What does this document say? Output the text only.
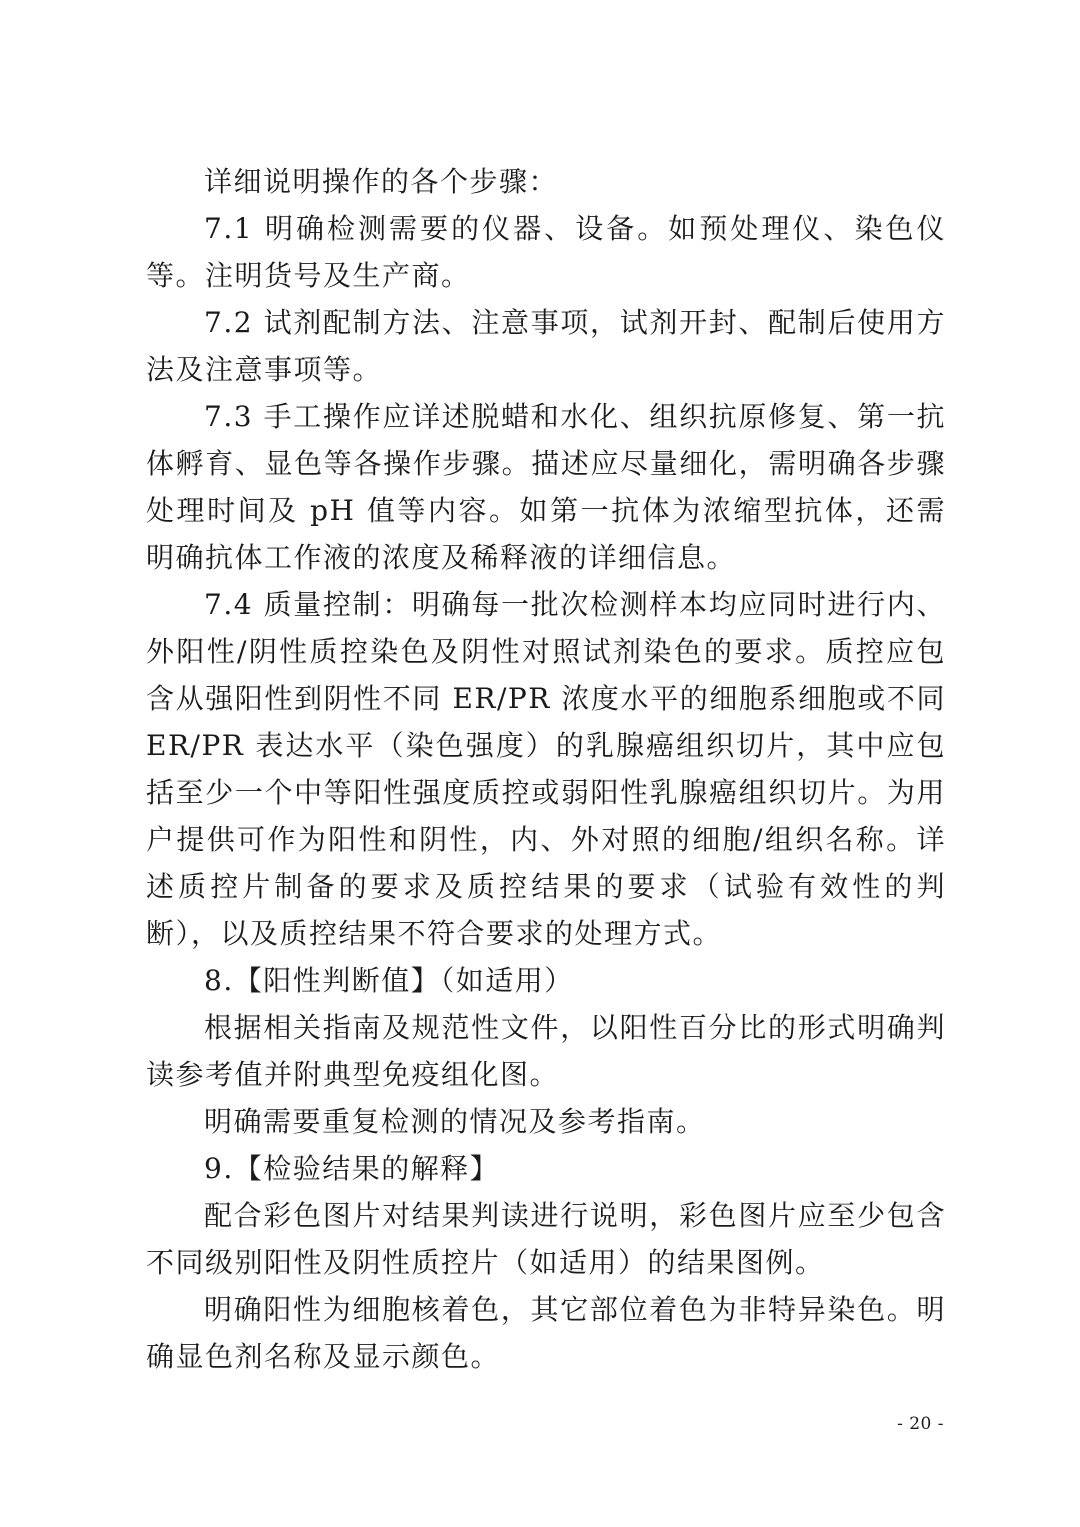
详细说明操作的各个步骤：

7.1 明确检测需要的仪器、设备。如预处理仪、染色仪等。注明货号及生产商。

7.2 试剂配制方法、注意事项，试剂开封、配制后使用方法及注意事项等。

7.3 手工操作应详述脱蜡和水化、组织抗原修复、第一抗体孵育、显色等各操作步骤。描述应尽量细化，需明确各步骤处理时间及 pH 值等内容。如第一抗体为浓缩型抗体，还需明确抗体工作液的浓度及稀释液的详细信息。

7.4 质量控制：明确每一批次检测样本均应同时进行内、外阳性/阴性质控染色及阴性对照试剂染色的要求。质控应包含从强阳性到阴性不同 ER/PR 浓度水平的细胞系细胞或不同 ER/PR 表达水平（染色强度）的乳腺癌组织切片，其中应包括至少一个中等阳性强度质控或弱阳性乳腺癌组织切片。为用户提供可作为阳性和阴性，内、外对照的细胞/组织名称。详述质控片制备的要求及质控结果的要求（试验有效性的判断），以及质控结果不符合要求的处理方式。

8.【阳性判断值】（如适用）

根据相关指南及规范性文件，以阳性百分比的形式明确判读参考值并附典型免疫组化图。

明确需要重复检测的情况及参考指南。

9.【检验结果的解释】

配合彩色图片对结果判读进行说明，彩色图片应至少包含不同级别阳性及阴性质控片（如适用）的结果图例。

明确阳性为细胞核着色，其它部位着色为非特异染色。明确显色剂名称及显示颜色。

- 20 -
